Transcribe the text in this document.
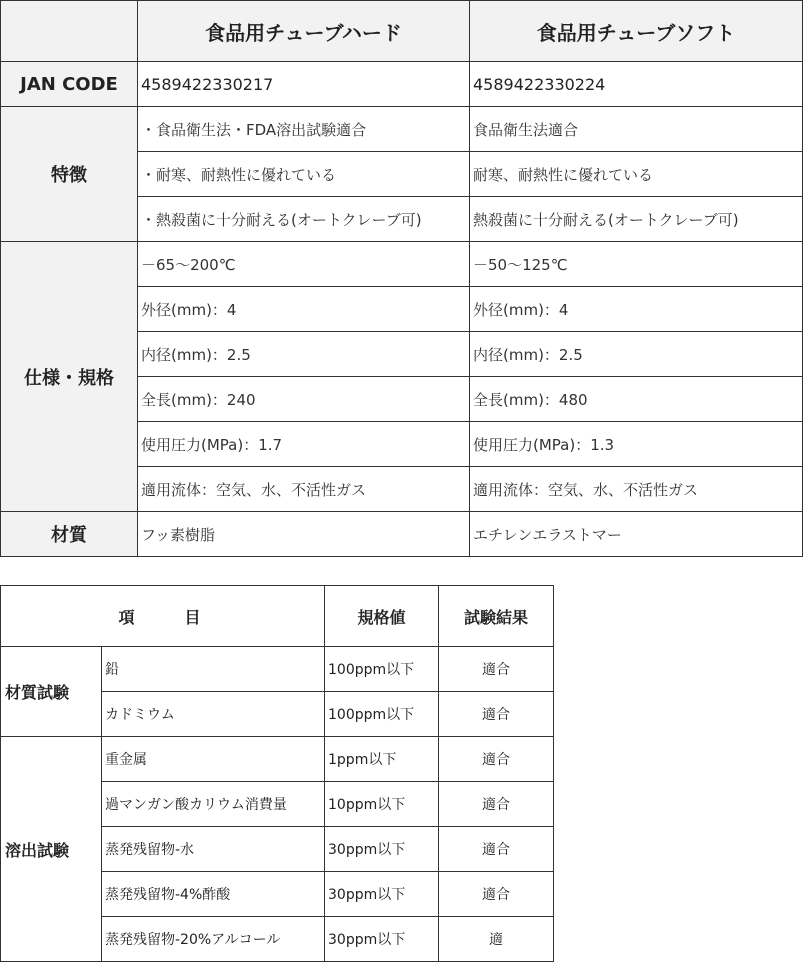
	食品用チューブハード	食品用チューブソフト
JAN CODE	4589422330217	4589422330224
特徴	・食品衛生法・FDA溶出試験適合	食品衛生法適合
	・耐寒、耐熱性に優れている	耐寒、耐熱性に優れている
	・熱殺菌に十分耐える(オートクレーブ可)	熱殺菌に十分耐える(オートクレーブ可)
仕様・規格	－65～200℃	－50～125℃
	外径(mm)：4	外径(mm)：4
	内径(mm)：2.5	内径(mm)：2.5
	全長(mm)：240	全長(mm)：480
	使用圧力(MPa)：1.7	使用圧力(MPa)：1.3
	適用流体：空気、水、不活性ガス	適用流体：空気、水、不活性ガス
材質	フッ素樹脂	エチレンエラストマー
項　　目		規格値	試験結果
材質試験	鉛	100ppm以下	適合
	カドミウム	100ppm以下	適合
溶出試験	重金属	1ppm以下	適合
	過マンガン酸カリウム消費量	10ppm以下	適合
	蒸発残留物-水	30ppm以下	適合
	蒸発残留物-4%酢酸	30ppm以下	適合
	蒸発残留物-20%アルコール	30ppm以下	適
